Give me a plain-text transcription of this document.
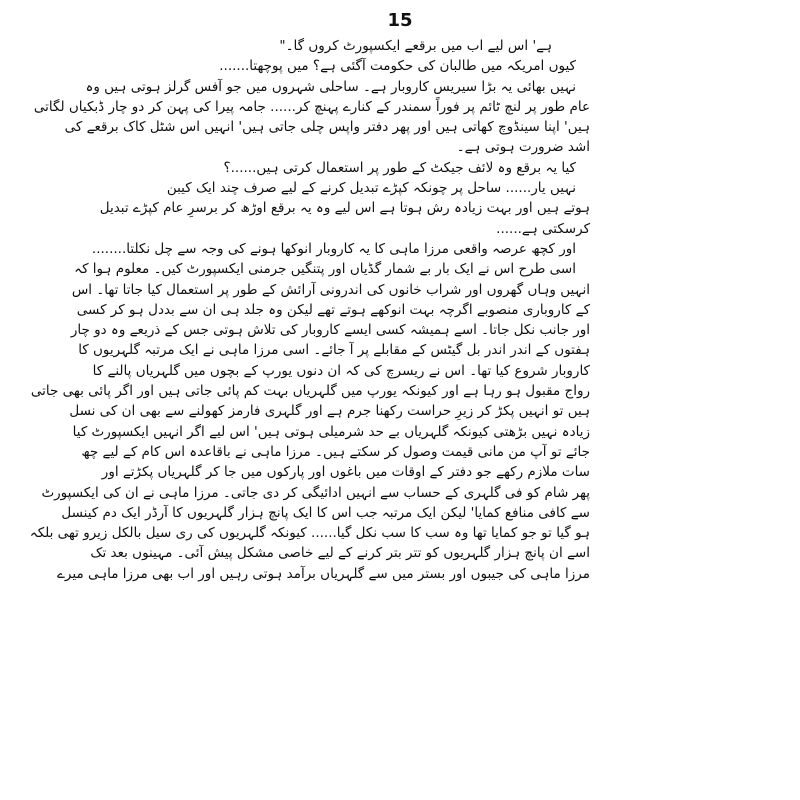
15
ہے' اس لیے اب میں برقعے ایکسپورٹ کروں گا۔"
کیوں امریکہ میں طالبان کی حکومت آگئی ہے؟ میں پوچھتا.......
نہیں بھائی یہ بڑا سیریس کاروبار ہے۔ ساحلی شہروں میں جو آفس گرلز ہوتی ہیں وہ
عام طور پر لنچ ٹائم پر فوراً سمندر کے کنارے پہنچ کر...... جامہ پیرا کی پہن کر دو چار ڈبکیاں لگاتی
ہیں' اپنا سینڈوچ کھاتی ہیں اور پھر دفتر واپس چلی جاتی ہیں' انہیں اس شٹل کاک برقعے کی
اشد ضرورت ہوتی ہے۔
کیا یہ برقع وہ لائف جیکٹ کے طور پر استعمال کرتی ہیں......؟
نہیں یار...... ساحل پر چونکہ کپڑے تبدیل کرنے کے لیے صرف چند ایک کیبن
ہوتے ہیں اور بہت زیادہ رش ہوتا ہے اس لیے وہ یہ برقع اوڑھ کر برسرِ عام کپڑے تبدیل
کرسکتی ہے......
اور کچھ عرصہ واقعی مرزا ماہی کا یہ کاروبار انوکھا ہونے کی وجہ سے چل نکلتا........
اسی طرح اس نے ایک بار بے شمار گڈیاں اور پتنگیں جرمنی ایکسپورٹ کیں۔ معلوم ہوا کہ
انہیں وہاں گھروں اور شراب خانوں کی اندرونی آرائش کے طور پر استعمال کیا جاتا تھا۔ اس
کے کاروباری منصوبے اگرچہ بہت انوکھے ہوتے تھے لیکن وہ جلد ہی ان سے بددل ہو کر کسی
اور جانب نکل جاتا۔ اسے ہمیشہ کسی ایسے کاروبار کی تلاش ہوتی جس کے ذریعے وہ دو چار
ہفتوں کے اندر اندر بل گیٹس کے مقابلے پر آ جائے۔ اسی مرزا ماہی نے ایک مرتبہ گلہریوں کا
کاروبار شروع کیا تھا۔ اس نے ریسرچ کی کہ ان دنوں یورپ کے بچوں میں گلہریاں پالنے کا
رواج مقبول ہو رہا ہے اور کیونکہ یورپ میں گلہریاں بہت کم پائی جاتی ہیں اور اگر پائی بھی جاتی
ہیں تو انہیں پکڑ کر زیرِ حراست رکھنا جرم ہے اور گلہری فارمز کھولنے سے بھی ان کی نسل
زیادہ نہیں بڑھتی کیونکہ گلہریاں بے حد شرمیلی ہوتی ہیں' اس لیے اگر انہیں ایکسپورٹ کیا
جائے تو آپ من مانی قیمت وصول کر سکتے ہیں۔ مرزا ماہی نے باقاعدہ اس کام کے لیے چھ
سات ملازم رکھے جو دفتر کے اوقات میں باغوں اور پارکوں میں جا کر گلہریاں پکڑتے اور
پھر شام کو فی گلہری کے حساب سے انہیں ادائیگی کر دی جاتی۔ مرزا ماہی نے ان کی ایکسپورٹ
سے کافی منافع کمایا' لیکن ایک مرتبہ جب اس کا ایک پانچ ہزار گلہریوں کا آرڈر ایک دم کینسل
ہو گیا تو جو کمایا تھا وہ سب کا سب نکل گیا...... کیونکہ گلہریوں کی ری سیل بالکل زیرو تھی بلکہ
اسے ان پانچ ہزار گلہریوں کو تتر بتر کرنے کے لیے خاصی مشکل پیش آئی۔ مہینوں بعد تک
مرزا ماہی کی جیبوں اور بستر میں سے گلہریاں برآمد ہوتی رہیں اور اب بھی مرزا ماہی میرے
